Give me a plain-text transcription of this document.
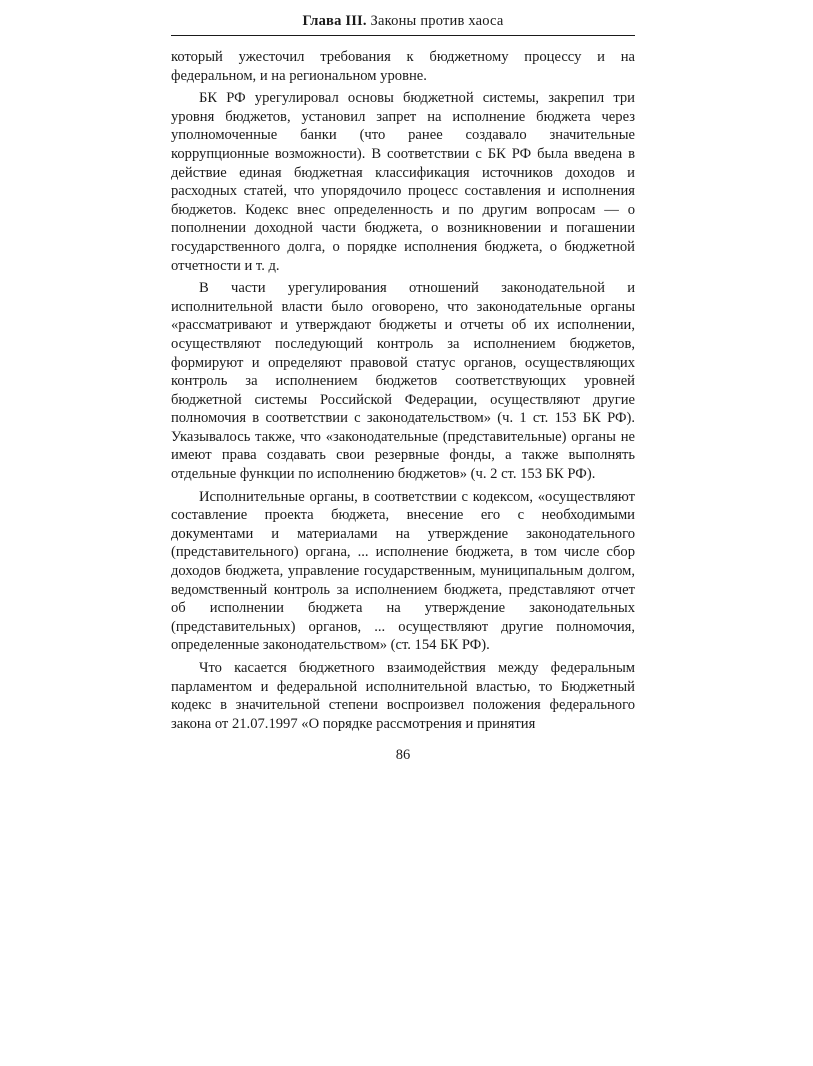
Глава III. Законы против хаоса

который ужесточил требования к бюджетному процессу и на федеральном, и на региональном уровне.

БК РФ урегулировал основы бюджетной системы, закрепил три уровня бюджетов, установил запрет на исполнение бюджета через уполномоченные банки (что ранее создавало значительные коррупционные возможности). В соответствии с БК РФ была введена в действие единая бюджетная классификация источников доходов и расходных статей, что упорядочило процесс составления и исполнения бюджетов. Кодекс внес определенность и по другим вопросам — о пополнении доходной части бюджета, о возникновении и погашении государственного долга, о порядке исполнения бюджета, о бюджетной отчетности и т. д.

В части урегулирования отношений законодательной и исполнительной власти было оговорено, что законодательные органы «рассматривают и утверждают бюджеты и отчеты об их исполнении, осуществляют последующий контроль за исполнением бюджетов, формируют и определяют правовой статус органов, осуществляющих контроль за исполнением бюджетов соответствующих уровней бюджетной системы Российской Федерации, осуществляют другие полномочия в соответствии с законодательством» (ч. 1 ст. 153 БК РФ). Указывалось также, что «законодательные (представительные) органы не имеют права создавать свои резервные фонды, а также выполнять отдельные функции по исполнению бюджетов» (ч. 2 ст. 153 БК РФ).

Исполнительные органы, в соответствии с кодексом, «осуществляют составление проекта бюджета, внесение его с необходимыми документами и материалами на утверждение законодательного (представительного) органа, ... исполнение бюджета, в том числе сбор доходов бюджета, управление государственным, муниципальным долгом, ведомственный контроль за исполнением бюджета, представляют отчет об исполнении бюджета на утверждение законодательных (представительных) органов, ... осуществляют другие полномочия, определенные законодательством» (ст. 154 БК РФ).

Что касается бюджетного взаимодействия между федеральным парламентом и федеральной исполнительной властью, то Бюджетный кодекс в значительной степени воспроизвел положения федерального закона от 21.07.1997 «О порядке рассмотрения и принятия

86
